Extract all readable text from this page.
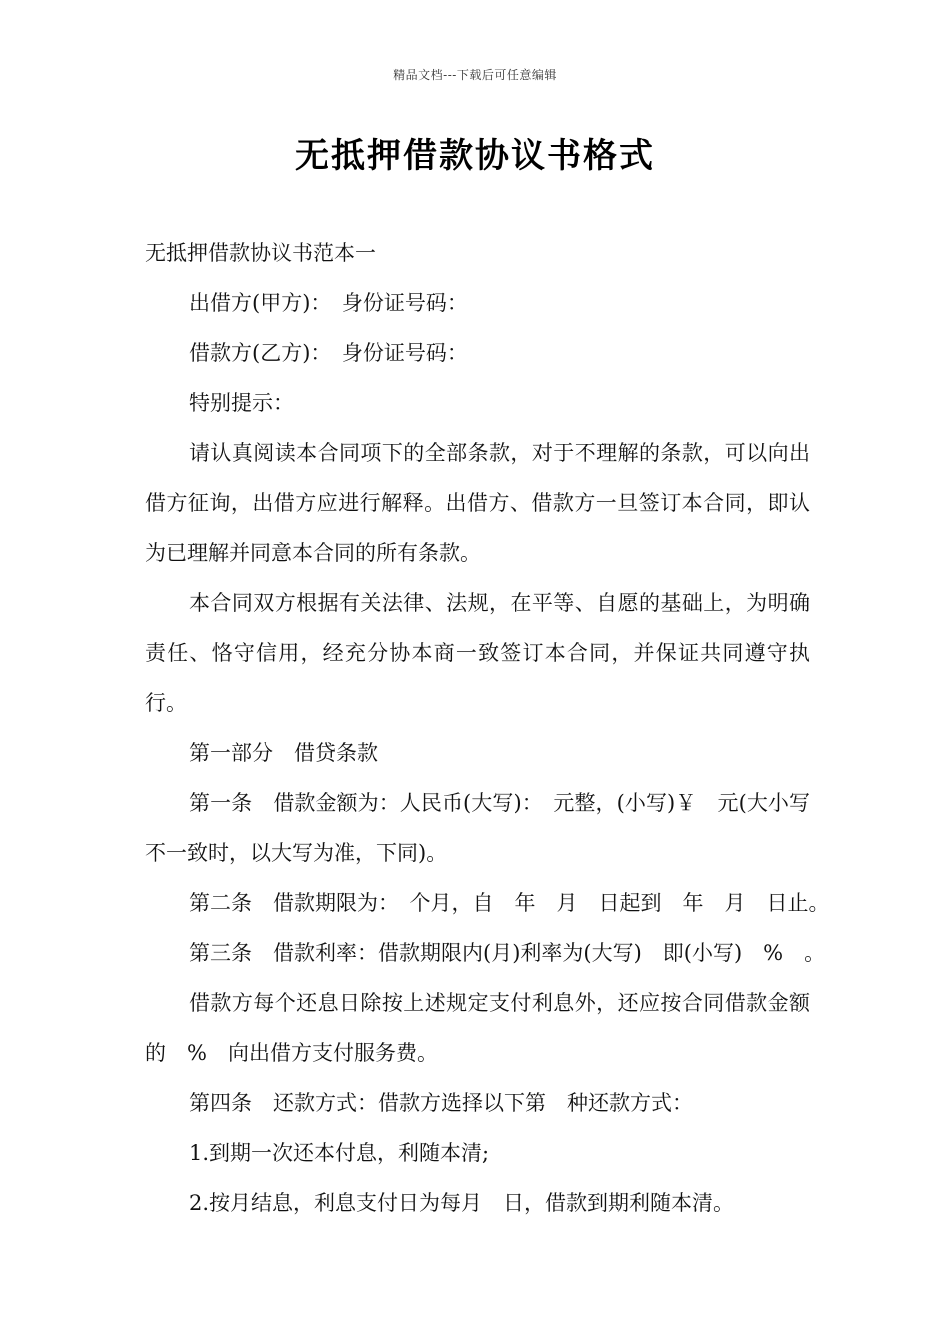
精品文档---下载后可任意编辑
无抵押借款协议书格式

无抵押借款协议书范本一

出借方(甲方)：　身份证号码：

借款方(乙方)：　身份证号码：

特别提示：

请认真阅读本合同项下的全部条款，对于不理解的条款，可以向出借方征询，出借方应进行解释。出借方、借款方一旦签订本合同，即认为已理解并同意本合同的所有条款。

本合同双方根据有关法律、法规，在平等、自愿的基础上，为明确责任、恪守信用，经充分协本商一致签订本合同，并保证共同遵守执行。

第一部分　借贷条款

第一条　借款金额为：人民币(大写)：　元整，(小写)￥　元(大小写不一致时，以大写为准，下同)。

第二条　借款期限为：　个月，自　年　月　日起到　年　月　日止。

第三条　借款利率：借款期限内(月)利率为(大写)　即(小写)　%　。

借款方每个还息日除按上述规定支付利息外，还应按合同借款金额的　%　向出借方支付服务费。

第四条　还款方式：借款方选择以下第　种还款方式：

1.到期一次还本付息，利随本清;

2.按月结息，利息支付日为每月　日，借款到期利随本清。
